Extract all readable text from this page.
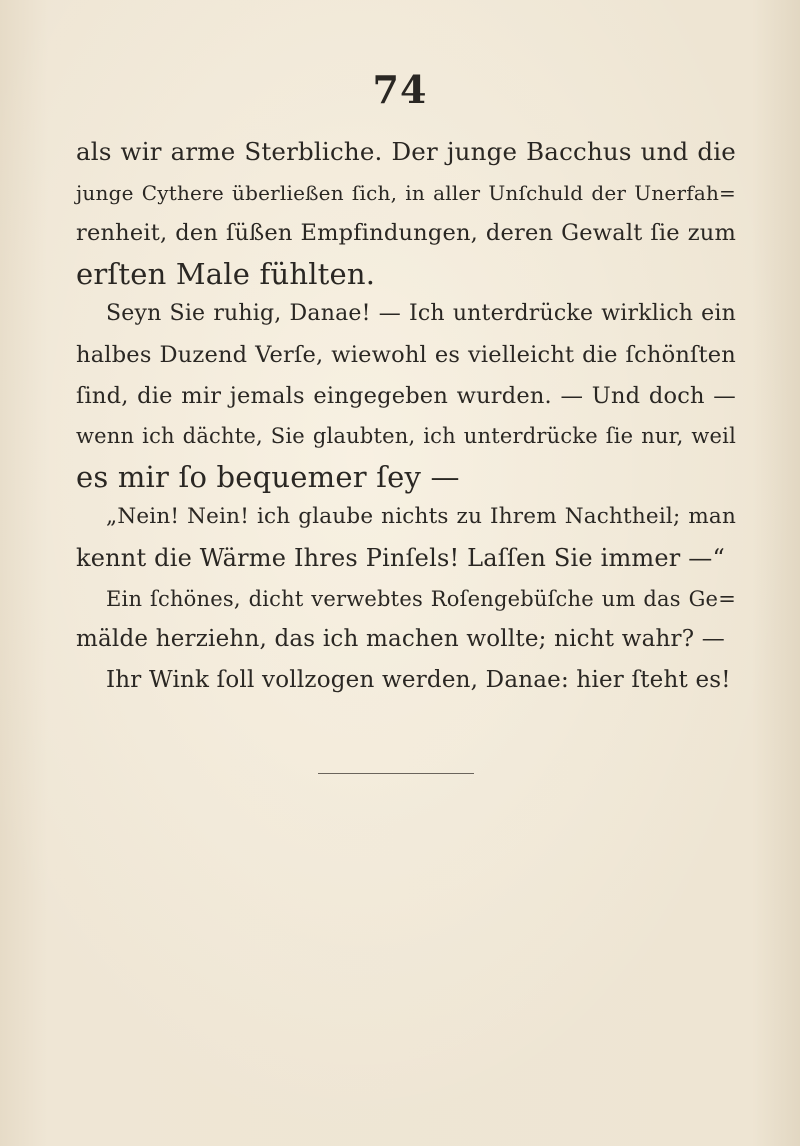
74
als wir arme Sterbliche. Der junge Bacchus und die
junge Cythere überließen ſich, in aller Unſchuld der Unerfah=
renheit, den ſüßen Empfindungen, deren Gewalt ſie zum
erſten Male fühlten.
Seyn Sie ruhig, Danae! — Ich unterdrücke wirklich ein
halbes Duzend Verſe, wiewohl es vielleicht die ſchönſten
ſind, die mir jemals eingegeben wurden. — Und doch —
wenn ich dächte, Sie glaubten, ich unterdrücke ſie nur, weil
es mir ſo bequemer ſey —
„Nein! Nein! ich glaube nichts zu Ihrem Nachtheil; man
kennt die Wärme Ihres Pinſels! Laſſen Sie immer —“
Ein ſchönes, dicht verwebtes Roſengebüſche um das Ge=
mälde herziehn, das ich machen wollte; nicht wahr? —
Ihr Wink ſoll vollzogen werden, Danae: hier ſteht es!
